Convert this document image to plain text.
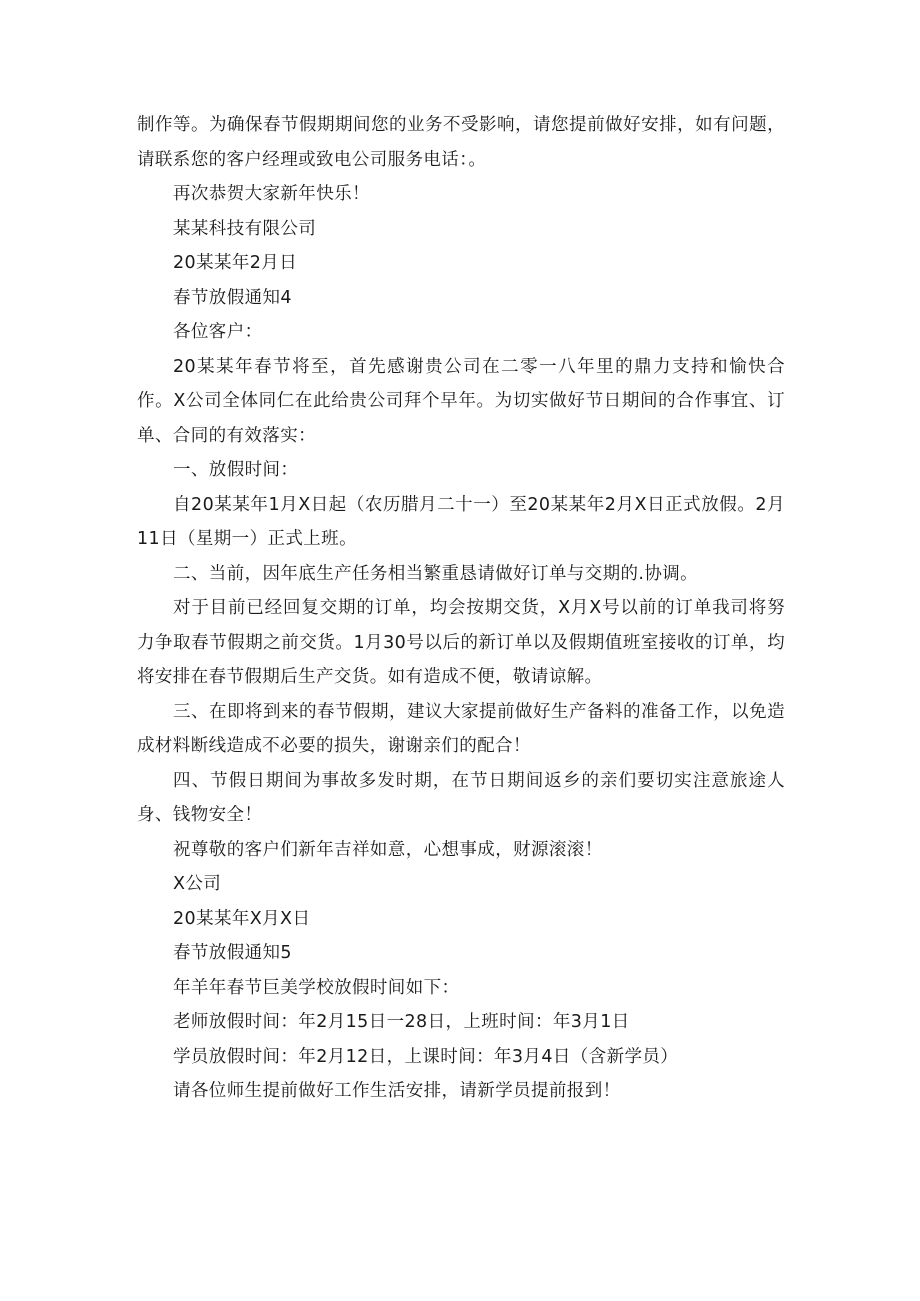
制作等。为确保春节假期期间您的业务不受影响，请您提前做好安排，如有问题，请联系您的客户经理或致电公司服务电话：。

再次恭贺大家新年快乐！

某某科技有限公司

20某某年2月日

春节放假通知4

各位客户：

20某某年春节将至，首先感谢贵公司在二零一八年里的鼎力支持和愉快合作。X公司全体同仁在此给贵公司拜个早年。为切实做好节日期间的合作事宜、订单、合同的有效落实：

一、放假时间：

自20某某年1月X日起（农历腊月二十一）至20某某年2月X日正式放假。2月11日（星期一）正式上班。

二、当前，因年底生产任务相当繁重恳请做好订单与交期的.协调。

对于目前已经回复交期的订单，均会按期交货，X月X号以前的订单我司将努力争取春节假期之前交货。1月30号以后的新订单以及假期值班室接收的订单，均将安排在春节假期后生产交货。如有造成不便，敬请谅解。

三、在即将到来的春节假期，建议大家提前做好生产备料的准备工作，以免造成材料断线造成不必要的损失，谢谢亲们的配合！

四、节假日期间为事故多发时期，在节日期间返乡的亲们要切实注意旅途人身、钱物安全！

祝尊敬的客户们新年吉祥如意，心想事成，财源滚滚！

X公司

20某某年X月X日

春节放假通知5

年羊年春节巨美学校放假时间如下：

老师放假时间：年2月15日一28日，上班时间：年3月1日

学员放假时间：年2月12日，上课时间：年3月4日（含新学员）

请各位师生提前做好工作生活安排，请新学员提前报到！
